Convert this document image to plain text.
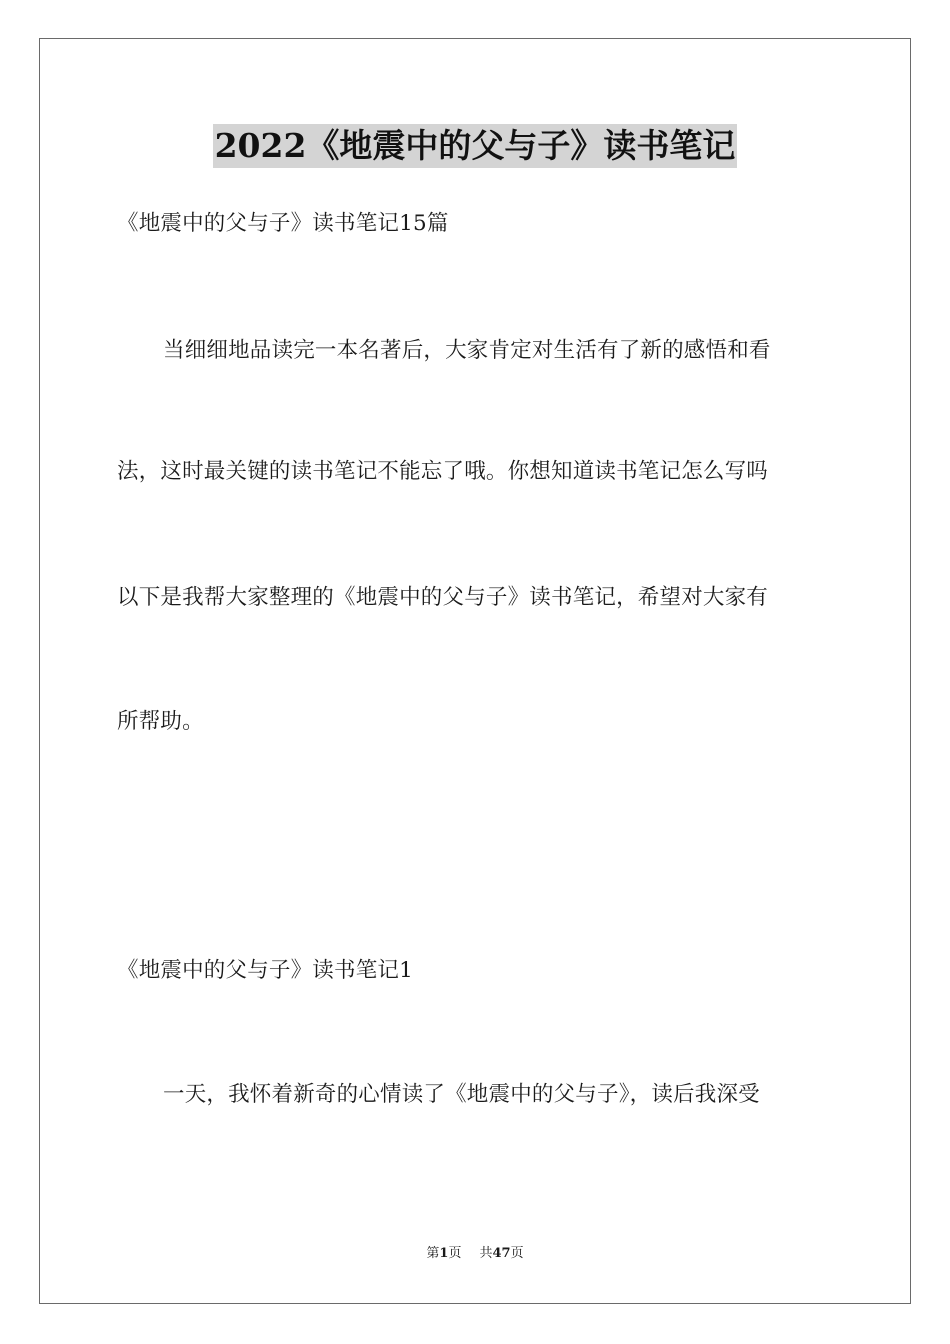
2022《地震中的父与子》读书笔记
《地震中的父与子》读书笔记15篇
当细细地品读完一本名著后，大家肯定对生活有了新的感悟和看
法，这时最关键的读书笔记不能忘了哦。你想知道读书笔记怎么写吗
以下是我帮大家整理的《地震中的父与子》读书笔记，希望对大家有
所帮助。
《地震中的父与子》读书笔记1
一天，我怀着新奇的心情读了《地震中的父与子》，读后我深受
第1页 共47页
